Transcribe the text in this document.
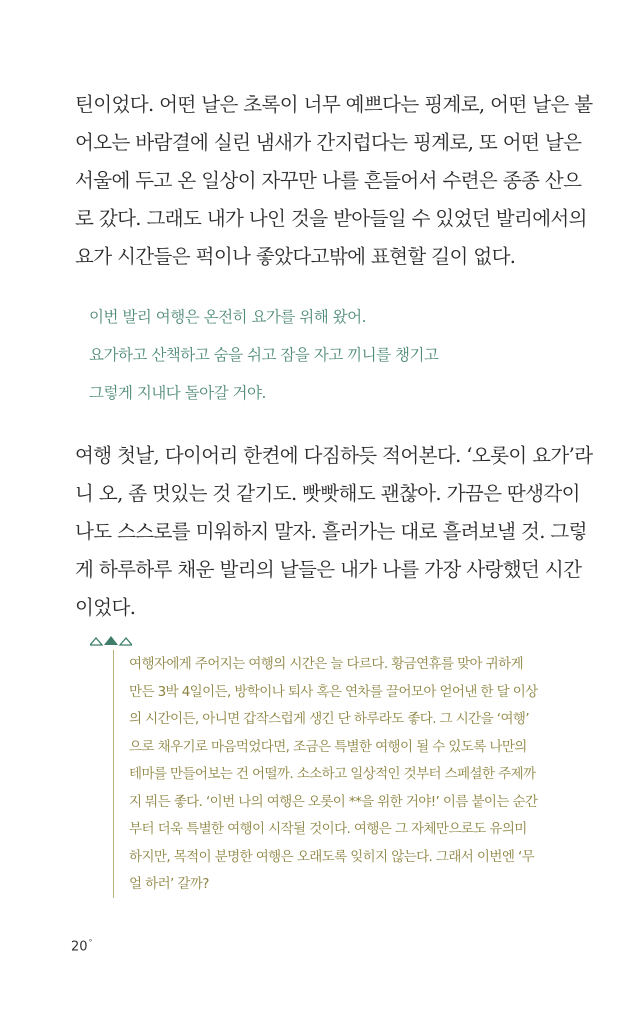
틴이었다. 어떤 날은 초록이 너무 예쁘다는 핑계로, 어떤 날은 불
어오는 바람결에 실린 냄새가 간지럽다는 핑계로, 또 어떤 날은
서울에 두고 온 일상이 자꾸만 나를 흔들어서 수련은 종종 산으
로 갔다. 그래도 내가 나인 것을 받아들일 수 있었던 발리에서의
요가 시간들은 퍽이나 좋았다고밖에 표현할 길이 없다.
이번 발리 여행은 온전히 요가를 위해 왔어.
요가하고 산책하고 숨을 쉬고 잠을 자고 끼니를 챙기고
그렇게 지내다 돌아갈 거야.
여행 첫날, 다이어리 한켠에 다짐하듯 적어본다. ‘오롯이 요가’라
니 오, 좀 멋있는 것 같기도. 빳빳해도 괜찮아. 가끔은 딴생각이
나도 스스로를 미워하지 말자. 흘러가는 대로 흘려보낼 것. 그렇
게 하루하루 채운 발리의 날들은 내가 나를 가장 사랑했던 시간
이었다.
여행자에게 주어지는 여행의 시간은 늘 다르다. 황금연휴를 맞아 귀하게
만든 3박 4일이든, 방학이나 퇴사 혹은 연차를 끌어모아 얻어낸 한 달 이상
의 시간이든, 아니면 갑작스럽게 생긴 단 하루라도 좋다. 그 시간을 ‘여행’
으로 채우기로 마음먹었다면, 조금은 특별한 여행이 될 수 있도록 나만의
테마를 만들어보는 건 어떨까. 소소하고 일상적인 것부터 스페셜한 주제까
지 뭐든 좋다. ‘이번 나의 여행은 오롯이 **을 위한 거야!’ 이름 붙이는 순간
부터 더욱 특별한 여행이 시작될 것이다. 여행은 그 자체만으로도 유의미
하지만, 목적이 분명한 여행은 오래도록 잊히지 않는다. 그래서 이번엔 ‘무
얼 하러’ 갈까?
20°
